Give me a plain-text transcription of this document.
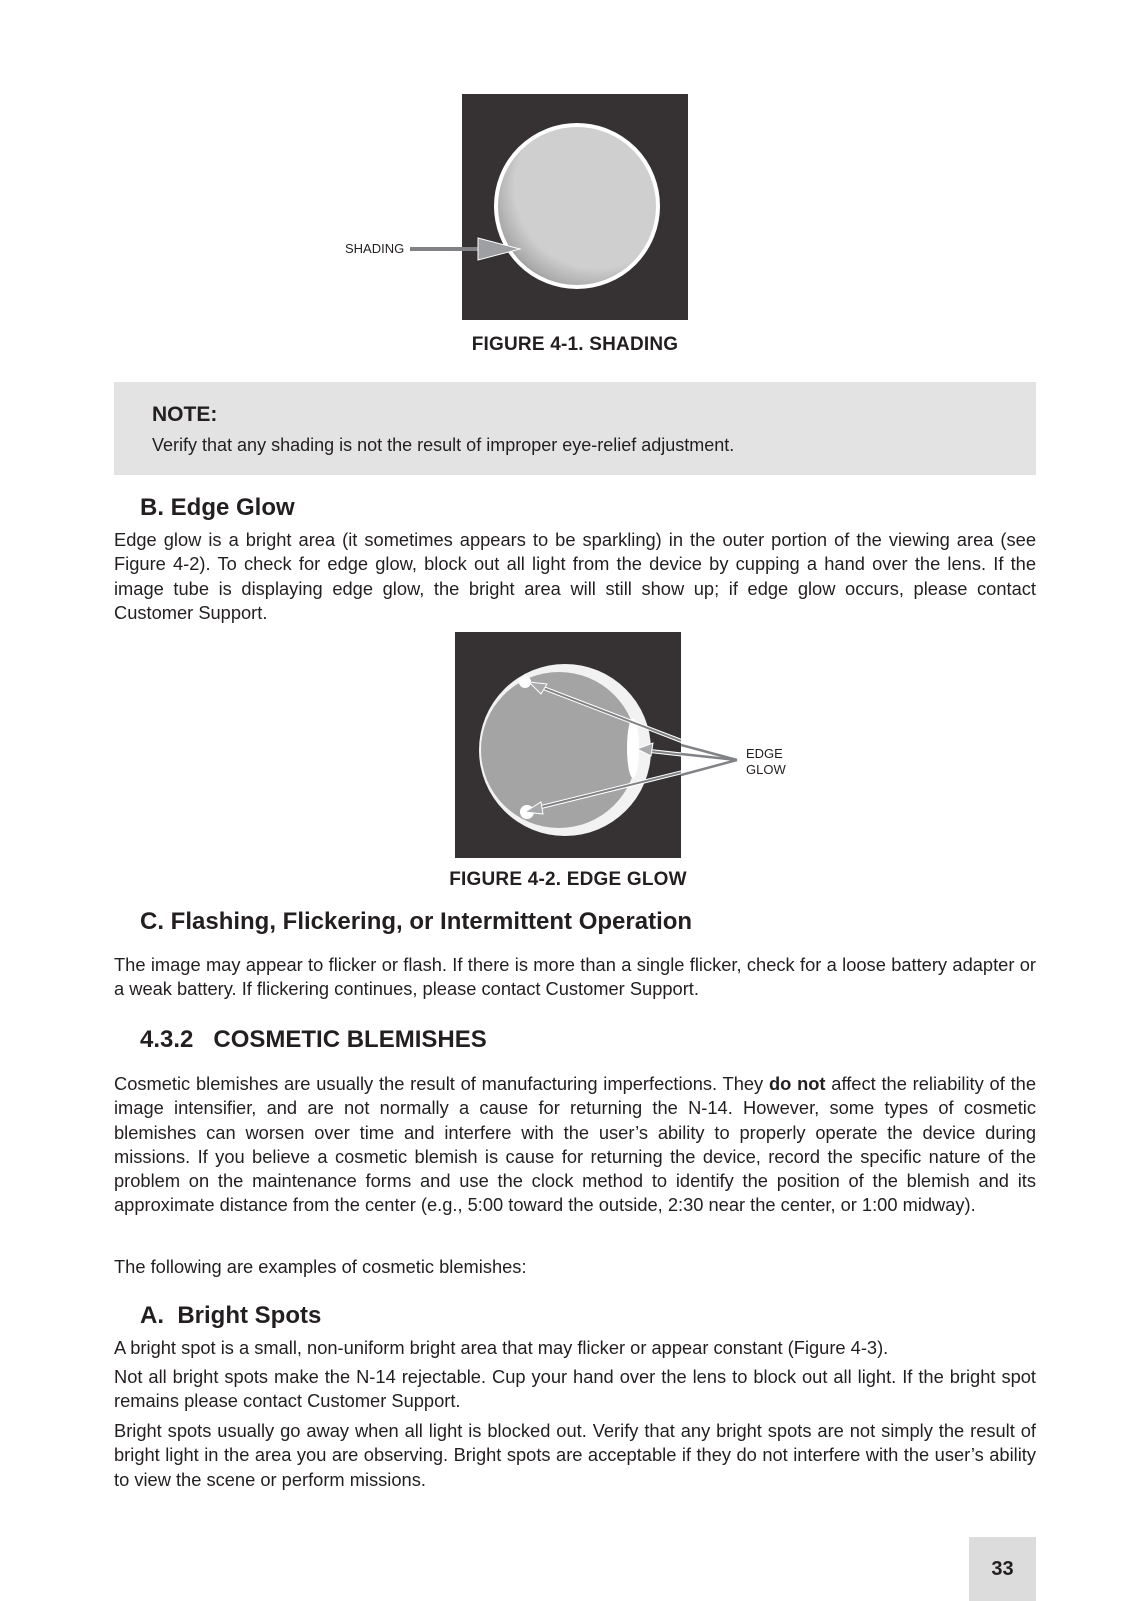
SHADING
FIGURE 4-1. SHADING
NOTE:
Verify that any shading is not the result of improper eye-relief adjustment.
B. Edge Glow

Edge glow is a bright area (it sometimes appears to be sparkling) in the outer portion of the viewing area (see Figure 4-2). To check for edge glow, block out all light from the device by cupping a hand over the lens. If the image tube is displaying edge glow, the bright area will still show up; if edge glow occurs, please contact Customer Support.

EDGE
GLOW
FIGURE 4-2. EDGE GLOW
C. Flashing, Flickering, or Intermittent Operation

The image may appear to flicker or flash. If there is more than a single flicker, check for a loose battery adapter or a weak battery. If flickering continues, please contact Customer Support.

4.3.2   COSMETIC BLEMISHES

Cosmetic blemishes are usually the result of manufacturing imperfections. They do not affect the reliability of the image intensifier, and are not normally a cause for returning the N-14. However, some types of cosmetic blemishes can worsen over time and interfere with the user’s ability to properly operate the device during missions. If you believe a cosmetic blemish is cause for returning the device, record the specific nature of the problem on the maintenance forms and use the clock method to identify the position of the blemish and its approximate distance from the center (e.g., 5:00 toward the outside, 2:30 near the center, or 1:00 midway).

The following are examples of cosmetic blemishes:

A.  Bright Spots

A bright spot is a small, non-uniform bright area that may flicker or appear constant (Figure 4-3).

Not all bright spots make the N-14 rejectable. Cup your hand over the lens to block out all light. If the bright spot remains please contact Customer Support.

Bright spots usually go away when all light is blocked out. Verify that any bright spots are not simply the result of bright light in the area you are observing. Bright spots are acceptable if they do not interfere with the user’s ability to view the scene or perform missions.

33
